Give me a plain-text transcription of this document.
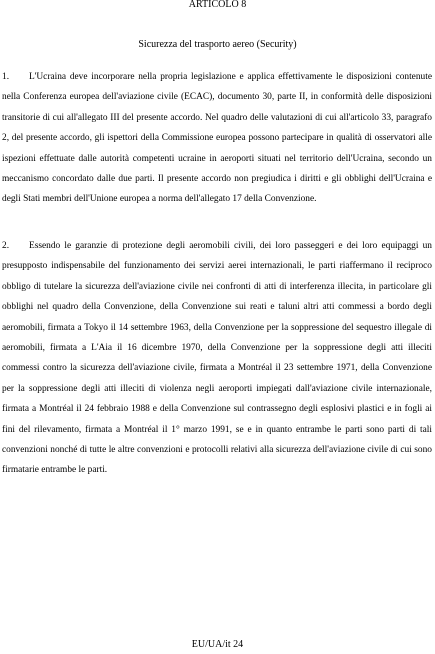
ARTICOLO 8
Sicurezza del trasporto aereo (Security)

1. L'Ucraina deve incorporare nella propria legislazione e applica effettivamente le disposizioni contenute nella Conferenza europea dell'aviazione civile (ECAC), documento 30, parte II, in conformità delle disposizioni transitorie di cui all'allegato III del presente accordo. Nel quadro delle valutazioni di cui all'articolo 33, paragrafo 2, del presente accordo, gli ispettori della Commissione europea possono partecipare in qualità di osservatori alle ispezioni effettuate dalle autorità competenti ucraine in aeroporti situati nel territorio dell'Ucraina, secondo un meccanismo concordato dalle due parti. Il presente accordo non pregiudica i diritti e gli obblighi dell'Ucraina e degli Stati membri dell'Unione europea a norma dell'allegato 17 della Convenzione.

2. Essendo le garanzie di protezione degli aeromobili civili, dei loro passeggeri e dei loro equipaggi un presupposto indispensabile del funzionamento dei servizi aerei internazionali, le parti riaffermano il reciproco obbligo di tutelare la sicurezza dell'aviazione civile nei confronti di atti di interferenza illecita, in particolare gli obblighi nel quadro della Convenzione, della Convenzione sui reati e taluni altri atti commessi a bordo degli aeromobili, firmata a Tokyo il 14 settembre 1963, della Convenzione per la soppressione del sequestro illegale di aeromobili, firmata a L'Aia il 16 dicembre 1970, della Convenzione per la soppressione degli atti illeciti commessi contro la sicurezza dell'aviazione civile, firmata a Montréal il 23 settembre 1971, della Convenzione per la soppressione degli atti illeciti di violenza negli aeroporti impiegati dall'aviazione civile internazionale, firmata a Montréal il 24 febbraio 1988 e della Convenzione sul contrassegno degli esplosivi plastici e in fogli ai fini del rilevamento, firmata a Montréal il 1° marzo 1991, se e in quanto entrambe le parti sono parti di tali convenzioni nonché di tutte le altre convenzioni e protocolli relativi alla sicurezza dell'aviazione civile di cui sono firmatarie entrambe le parti.

EU/UA/it 24
